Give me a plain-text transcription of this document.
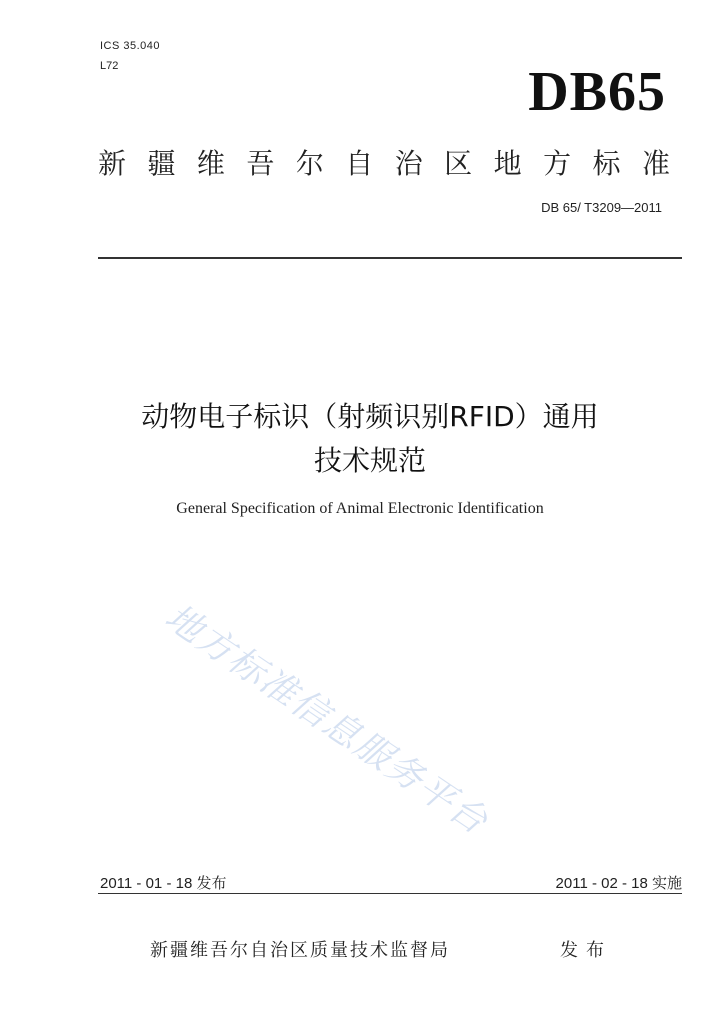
ICS 35.040
L72	DB65
新 疆 维 吾 尔 自 治 区 地 方 标 准
DB 65/ T3209—2011
动物电子标识（射频识别RFID）通用
技术规范
General Specification of Animal Electronic Identification
地方标准信息服务平台
2011 - 01 - 18 发布	2011 - 02 - 18 实施
新疆维吾尔自治区质量技术监督局	发布
